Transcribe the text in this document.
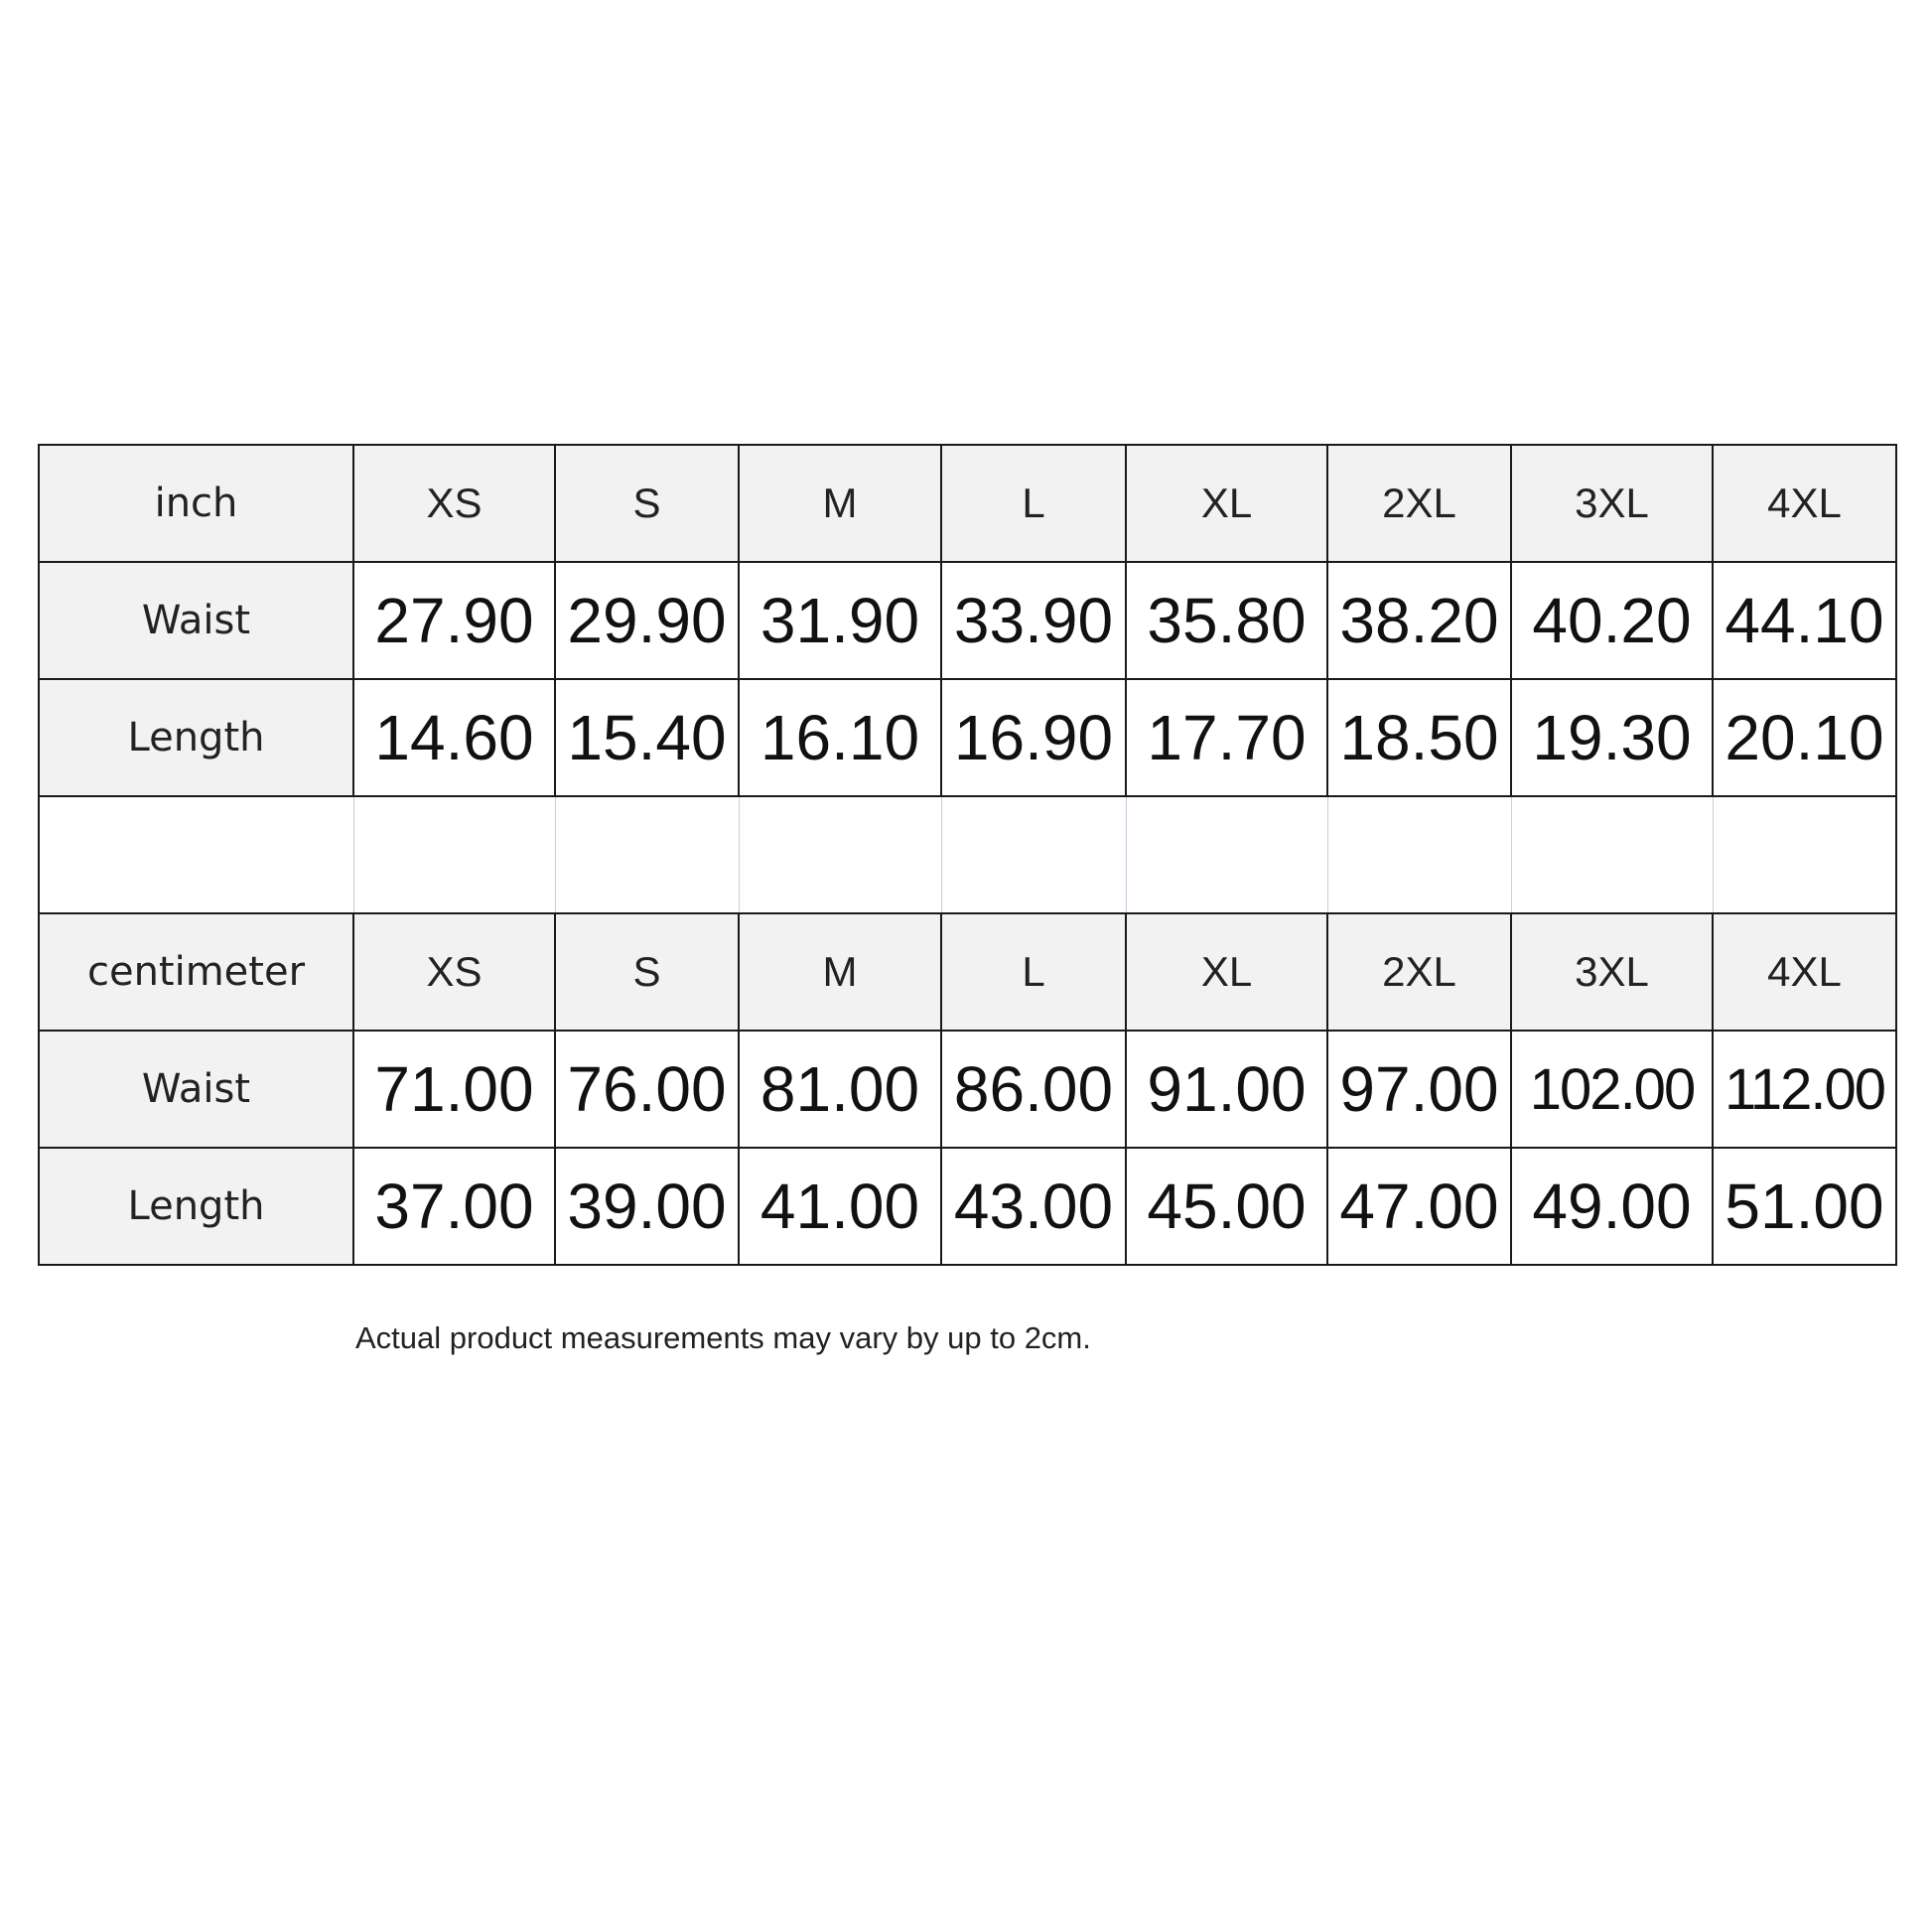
inch	XS	S	M	L	XL	2XL	3XL	4XL
Waist	27.90	29.90	31.90	33.90	35.80	38.20	40.20	44.10
Length	14.60	15.40	16.10	16.90	17.70	18.50	19.30	20.10

centimeter	XS	S	M	L	XL	2XL	3XL	4XL
Waist	71.00	76.00	81.00	86.00	91.00	97.00	102.00	112.00
Length	37.00	39.00	41.00	43.00	45.00	47.00	49.00	51.00
Actual product measurements may vary by up to 2cm.
